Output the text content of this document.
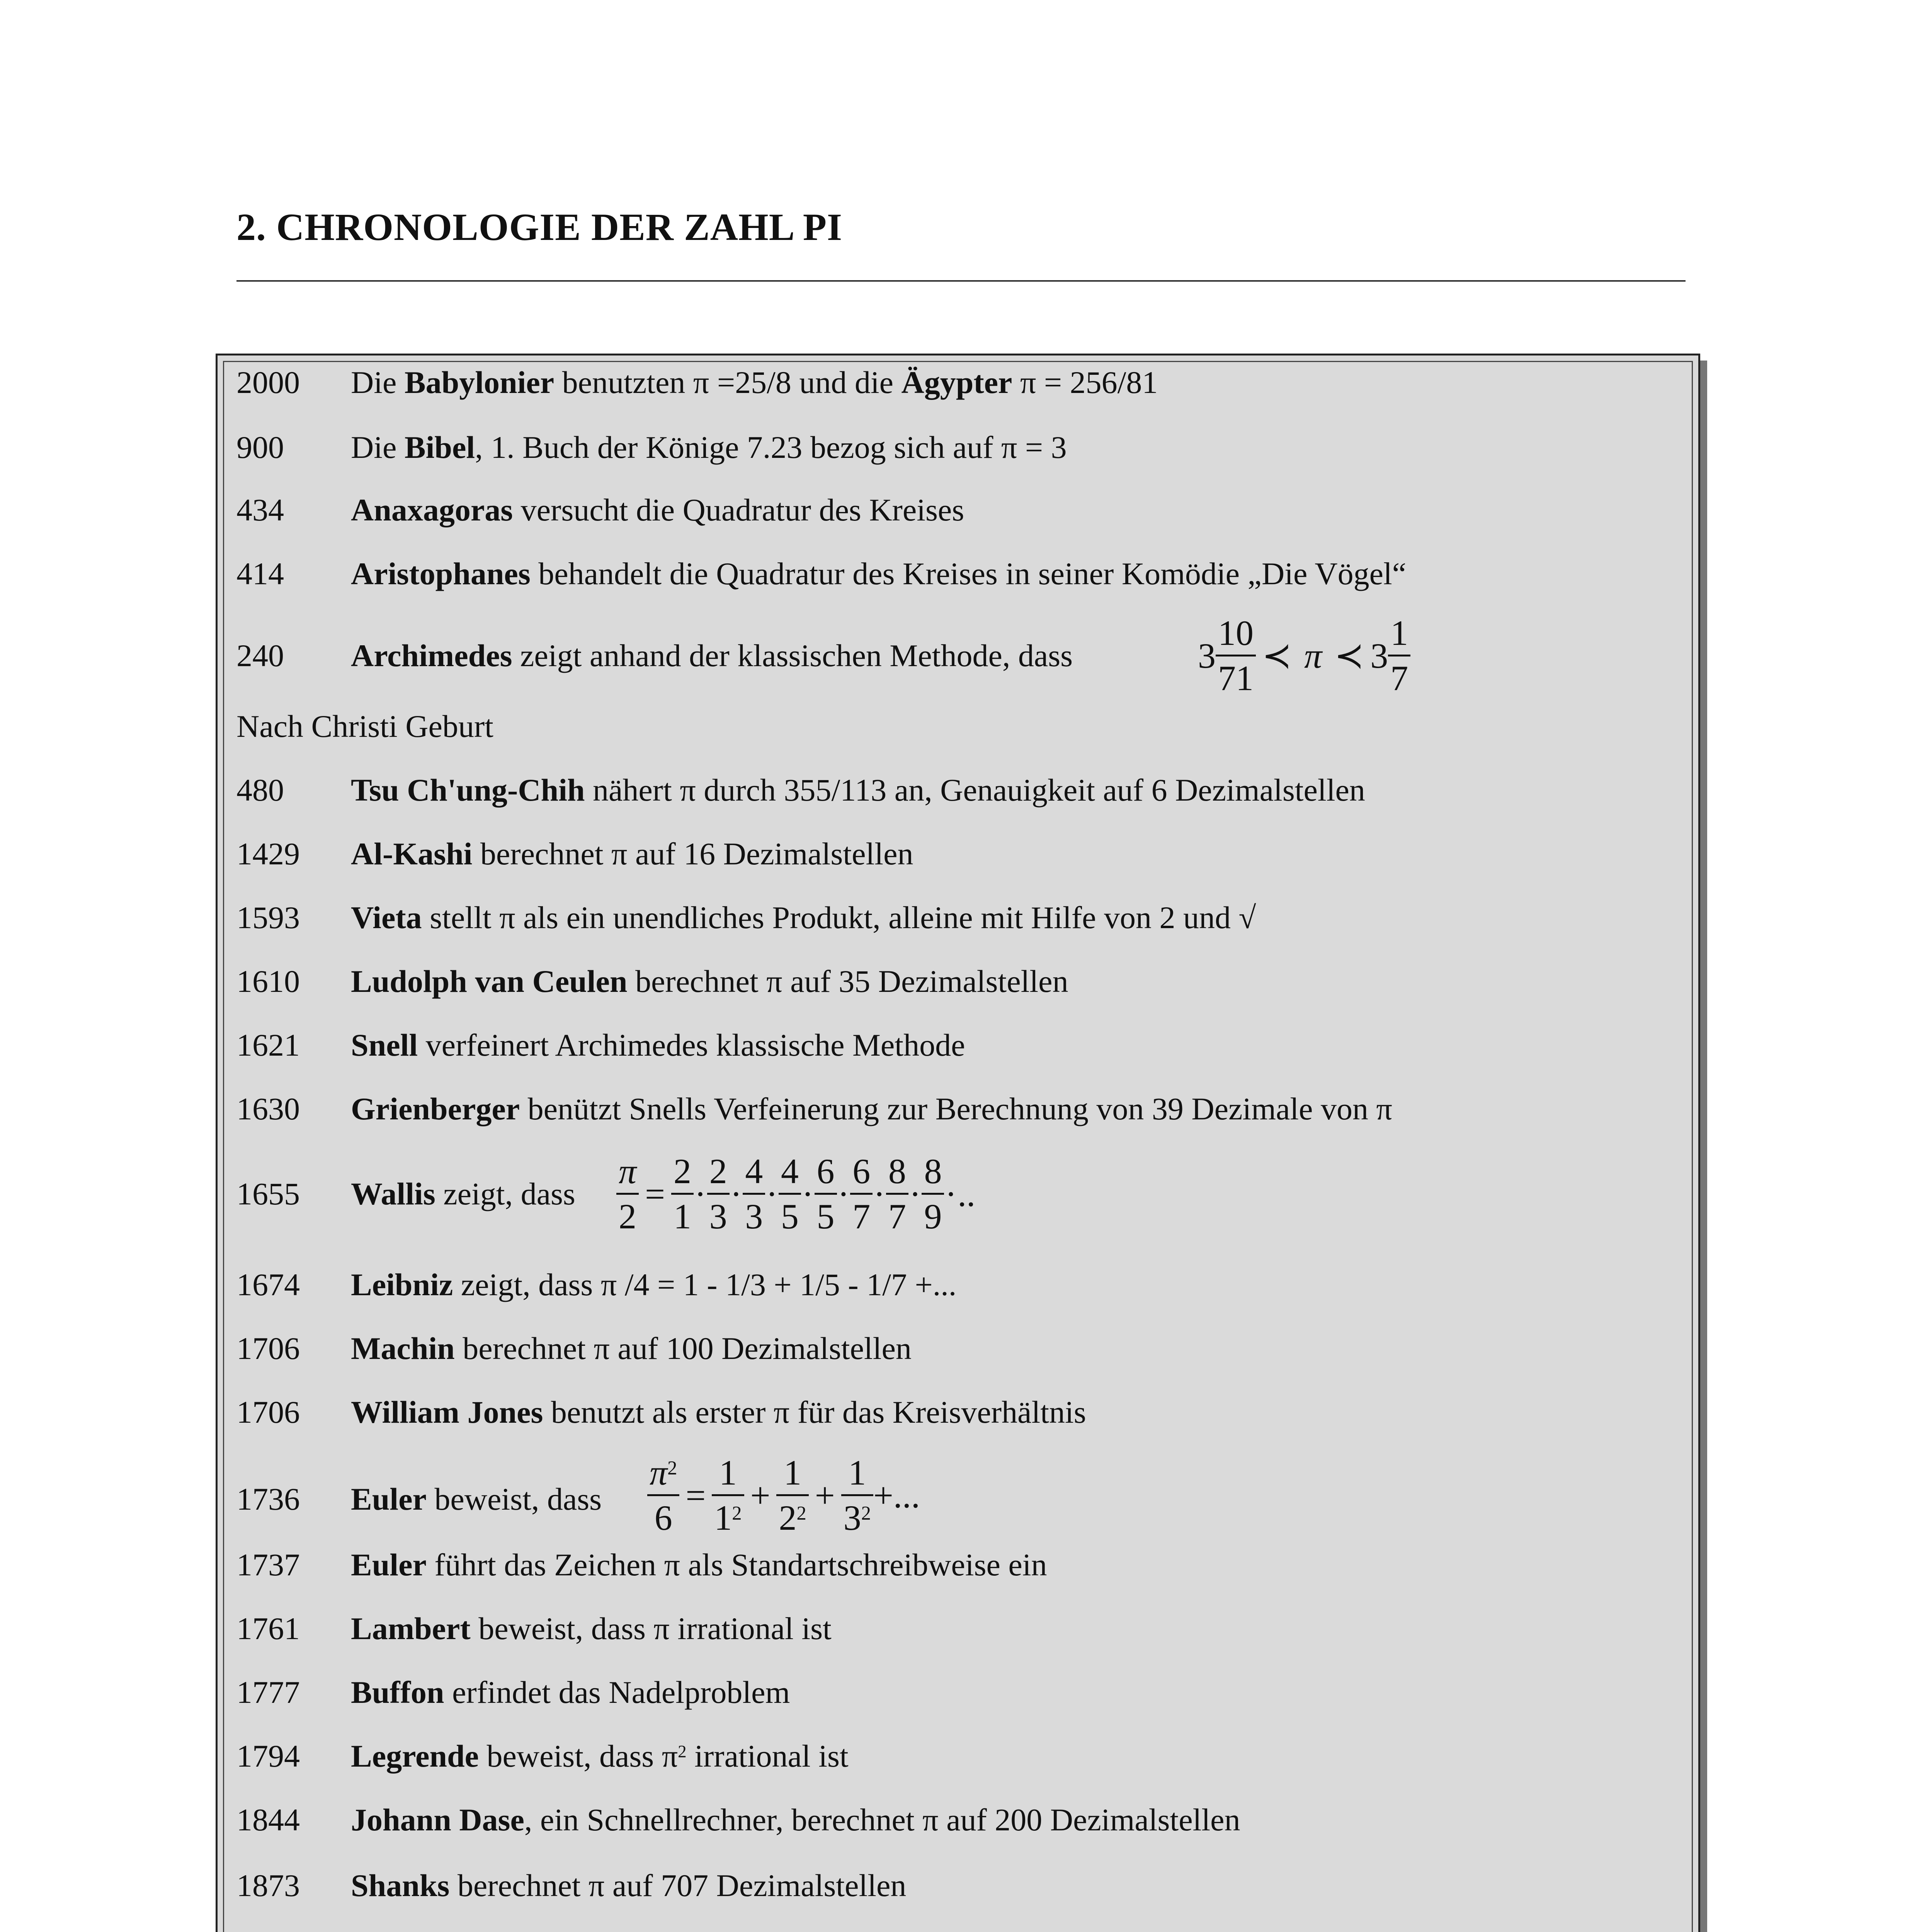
2. CHRONOLOGIE DER ZAHL PI
2000 Die Babylonier benutzten π =25/8 und die Ägypter π = 256/81
900 Die Bibel, 1. Buch der Könige 7.23 bezog sich auf π = 3
434 Anaxagoras versucht die Quadratur des Kreises
414 Aristophanes behandelt die Quadratur des Kreises in seiner Komödie „Die Vögel“
240 Archimedes zeigt anhand der klassischen Methode, dass
Nach Christi Geburt
480 Tsu Ch'ung-Chih nähert π durch 355/113 an, Genauigkeit auf 6 Dezimalstellen
1429 Al-Kashi berechnet π auf 16 Dezimalstellen
1593 Vieta stellt π als ein unendliches Produkt, alleine mit Hilfe von 2 und √
1610 Ludolph van Ceulen berechnet π auf 35 Dezimalstellen
1621 Snell verfeinert Archimedes klassische Methode
1630 Grienberger benützt Snells Verfeinerung zur Berechnung von 39 Dezimale von π
1655 Wallis zeigt, dass
1674 Leibniz zeigt, dass π /4 = 1 - 1/3 + 1/5 - 1/7 +...
1706 Machin berechnet π auf 100 Dezimalstellen
1706 William Jones benutzt als erster π für das Kreisverhältnis
1736 Euler beweist, dass
1737 Euler führt das Zeichen π als Standartschreibweise ein
1761 Lambert beweist, dass π irrational ist
1777 Buffon erfindet das Nadelproblem
1794 Legrende beweist, dass $\pi^2$ irrational ist
1844 Johann Dase, ein Schnellrechner, berechnet π auf 200 Dezimalstellen
1873 Shanks berechnet π auf 707 Dezimalstellen
$3 \frac{10}{71}$ ≺ π ≺ $3 \frac{1}{7}$
$\frac{\pi}{2} = \frac{2}{1} \cdot \frac{2}{3} \cdot \frac{4}{3} \cdot \frac{4}{5} \cdot \frac{6}{5} \cdot \frac{6}{7} \cdot \frac{8}{7} \cdot \frac{8}{9}$ ·..
$\frac{\pi^2}{6} = \frac{1}{1^2} + \frac{1}{2^2} + \frac{1}{3^2}$ +...
